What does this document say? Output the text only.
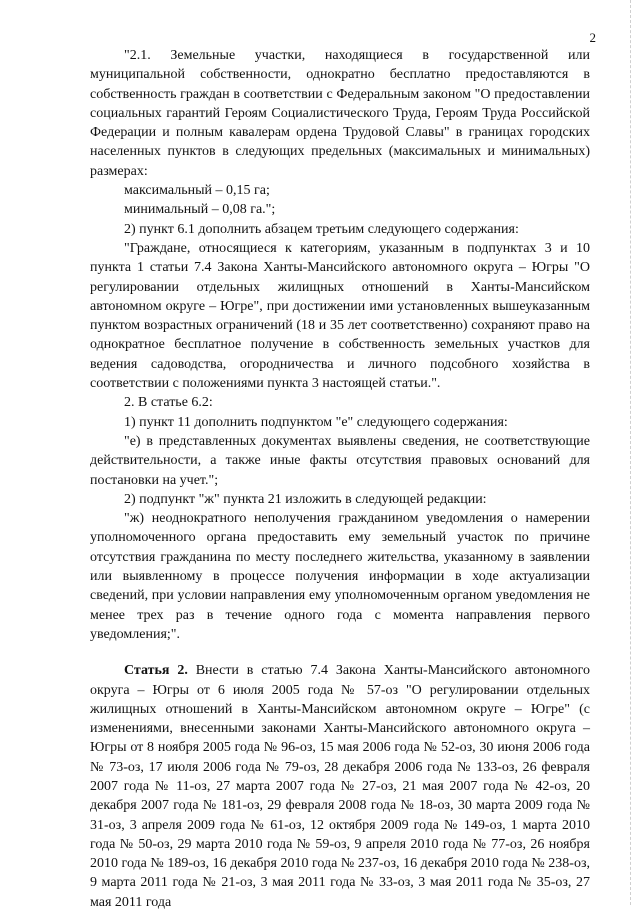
2

"2.1. Земельные участки, находящиеся в государственной или муниципальной собственности, однократно бесплатно предоставляются в собственность граждан в соответствии с Федеральным законом "О предоставлении социальных гарантий Героям Социалистического Труда, Героям Труда Российской Федерации и полным кавалерам ордена Трудовой Славы" в границах городских населенных пунктов в следующих предельных (максимальных и минимальных) размерах:

максимальный – 0,15 га;

минимальный – 0,08 га.";

2) пункт 6.1 дополнить абзацем третьим следующего содержания:

"Граждане, относящиеся к категориям, указанным в подпунктах 3 и 10 пункта 1 статьи 7.4 Закона Ханты-Мансийского автономного округа – Югры "О регулировании отдельных жилищных отношений в Ханты-Мансийском автономном округе – Югре", при достижении ими установленных вышеуказанным пунктом возрастных ограничений (18 и 35 лет соответственно) сохраняют право на однократное бесплатное получение в собственность земельных участков для ведения садоводства, огородничества и личного подсобного хозяйства в соответствии с положениями пункта 3 настоящей статьи.".

2. В статье 6.2:

1) пункт 11 дополнить подпунктом "е" следующего содержания:

"е) в представленных документах выявлены сведения, не соответствующие действительности, а также иные факты отсутствия правовых оснований для постановки на учет.";

2) подпункт "ж" пункта 21 изложить в следующей редакции:

"ж) неоднократного неполучения гражданином уведомления о намерении уполномоченного органа предоставить ему земельный участок по причине отсутствия гражданина по месту последнего жительства, указанному в заявлении или выявленному в процессе получения информации в ходе актуализации сведений, при условии направления ему уполномоченным органом уведомления не менее трех раз в течение одного года с момента направления первого уведомления;".

Статья 2. Внести в статью 7.4 Закона Ханты-Мансийского автономного округа – Югры от 6 июля 2005 года № 57-оз "О регулировании отдельных жилищных отношений в Ханты-Мансийском автономном округе – Югре" (с изменениями, внесенными законами Ханты-Мансийского автономного округа – Югры от 8 ноября 2005 года № 96-оз, 15 мая 2006 года № 52-оз, 30 июня 2006 года № 73-оз, 17 июля 2006 года № 79-оз, 28 декабря 2006 года № 133-оз, 26 февраля 2007 года № 11-оз, 27 марта 2007 года № 27-оз, 21 мая 2007 года № 42-оз, 20 декабря 2007 года № 181-оз, 29 февраля 2008 года № 18-оз, 30 марта 2009 года № 31-оз, 3 апреля 2009 года № 61-оз, 12 октября 2009 года № 149-оз, 1 марта 2010 года № 50-оз, 29 марта 2010 года № 59-оз, 9 апреля 2010 года № 77-оз, 26 ноября 2010 года № 189-оз, 16 декабря 2010 года № 237-оз, 16 декабря 2010 года № 238-оз, 9 марта 2011 года № 21-оз, 3 мая 2011 года № 33-оз, 3 мая 2011 года № 35-оз, 27 мая 2011 года
